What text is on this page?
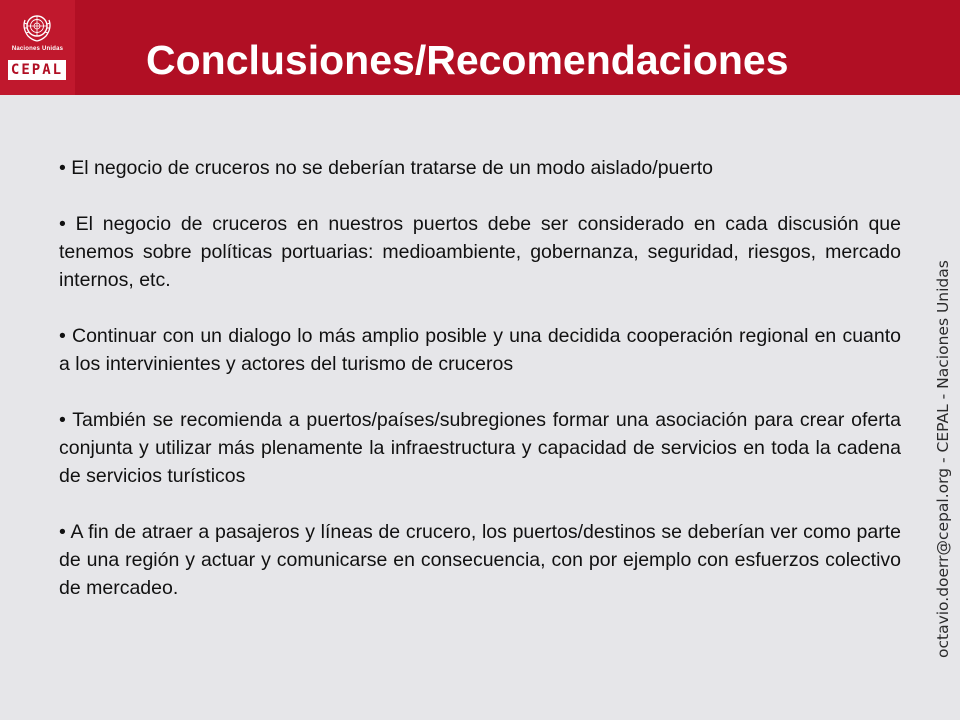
Naciones Unidas
CEPAL Conclusiones/Recomendaciones

• El negocio de cruceros no se deberían tratarse de un modo aislado/puerto

• El negocio de cruceros en nuestros puertos debe ser considerado en cada discusión que tenemos sobre políticas portuarias: medioambiente, gobernanza, seguridad, riesgos, mercado internos, etc.

• Continuar con un dialogo lo más amplio posible y una decidida cooperación regional en cuanto a los intervinientes y actores del turismo de cruceros

• También se recomienda a puertos/países/subregiones formar una asociación para crear oferta conjunta y utilizar más plenamente la infraestructura y capacidad de servicios en toda la cadena de servicios turísticos

• A fin de atraer a pasajeros y líneas de crucero, los puertos/destinos se deberían ver como parte de una región y actuar y comunicarse en consecuencia, con por ejemplo con esfuerzos colectivo de mercadeo.	octavio.doerr@cepal.org - CEPAL - Naciones Unidas
